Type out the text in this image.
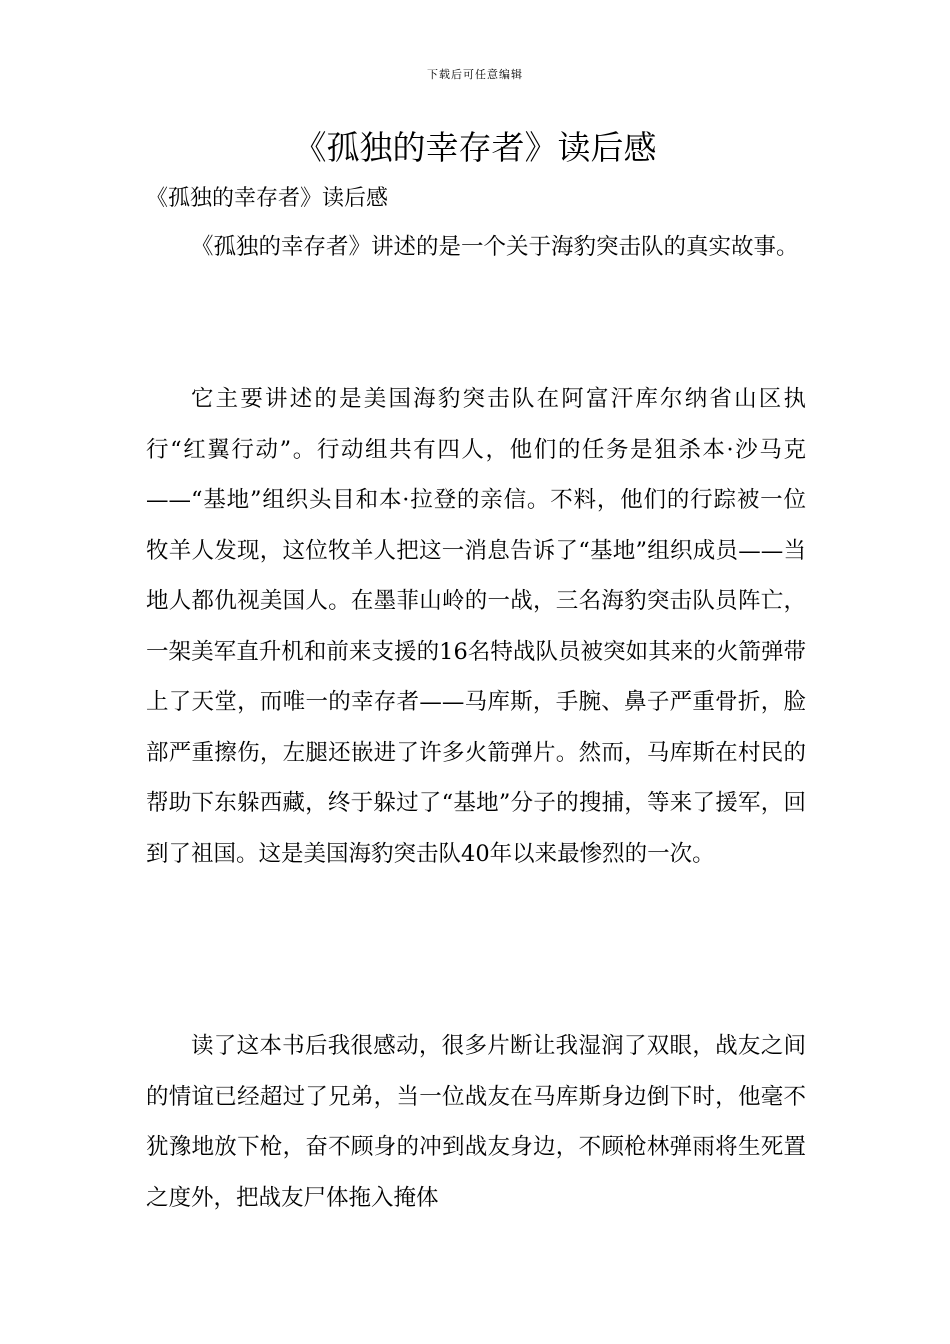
下载后可任意编辑
《孤独的幸存者》读后感
《孤独的幸存者》读后感

《孤独的幸存者》讲述的是一个关于海豹突击队的真实故事。

它主要讲述的是美国海豹突击队在阿富汗库尔纳省山区执行“红翼行动”。行动组共有四人，他们的任务是狙杀本·沙马克——“基地”组织头目和本·拉登的亲信。不料，他们的行踪被一位牧羊人发现，这位牧羊人把这一消息告诉了“基地”组织成员——当地人都仇视美国人。在墨菲山岭的一战，三名海豹突击队员阵亡，一架美军直升机和前来支援的16名特战队员被突如其来的火箭弹带上了天堂，而唯一的幸存者——马库斯，手腕、鼻子严重骨折，脸部严重擦伤，左腿还嵌进了许多火箭弹片。然而，马库斯在村民的帮助下东躲西藏，终于躲过了“基地”分子的搜捕，等来了援军，回到了祖国。这是美国海豹突击队40年以来最惨烈的一次。

读了这本书后我很感动，很多片断让我湿润了双眼，战友之间的情谊已经超过了兄弟，当一位战友在马库斯身边倒下时，他毫不犹豫地放下枪，奋不顾身的冲到战友身边，不顾枪林弹雨将生死置之度外，把战友尸体拖入掩体
